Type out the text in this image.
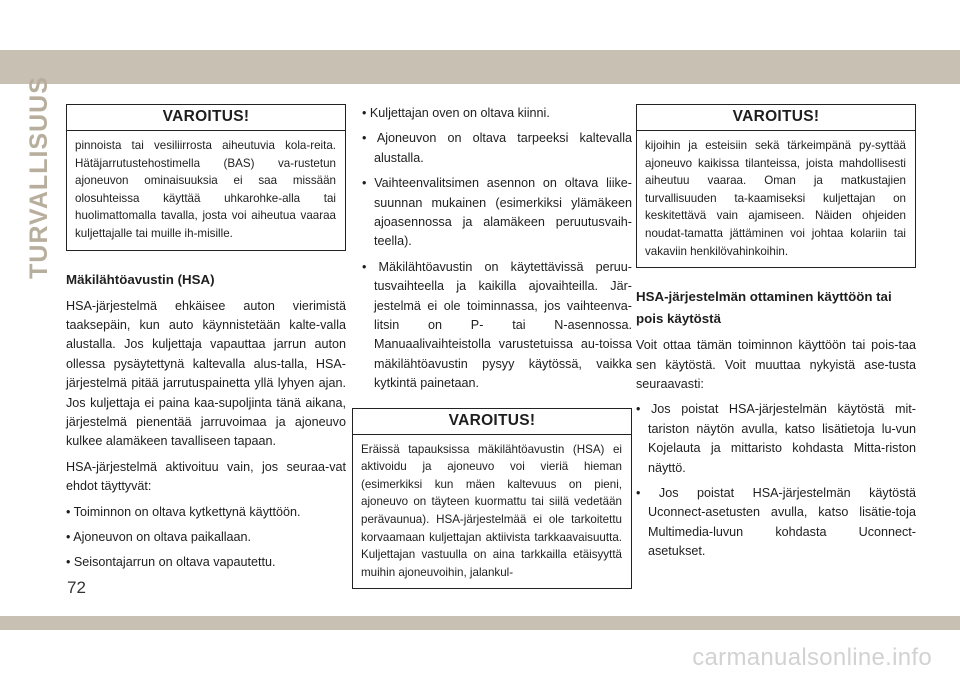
TURVALLISUUS	VAROITUS!
pinnoista tai vesiliirrosta aiheutuvia kola-reita. Hätäjarrutustehostimella (BAS) va-rustetun ajoneuvon ominaisuuksia ei saa missään olosuhteissa käyttää uhkarohke-alla tai huolimattomalla tavalla, josta voi aiheutua vaaraa kuljettajalle tai muille ih-misille.
Mäkilähtöavustin (HSA)

HSA-järjestelmä ehkäisee auton vierimistä taaksepäin, kun auto käynnistetään kalte-valla alustalla. Jos kuljettaja vapauttaa jarrun auton ollessa pysäytettynä kaltevalla alus-talla, HSA-järjestelmä pitää jarrutuspainetta yllä lyhyen ajan. Jos kuljettaja ei paina kaa-supoljinta tänä aikana, järjestelmä pienentää jarruvoimaa ja ajoneuvo kulkee alamäkeen tavalliseen tapaan.

HSA-järjestelmä aktivoituu vain, jos seuraa-vat ehdot täyttyvät:

• Toiminnon on oltava kytkettynä käyttöön.
• Ajoneuvon on oltava paikallaan.
• Seisontajarrun on oltava vapautettu.
• Kuljettajan oven on oltava kiinni.
• Ajoneuvon on oltava tarpeeksi kaltevalla alustalla.
• Vaihteenvalitsimen asennon on oltava liike-suunnan mukainen (esimerkiksi ylämäkeen ajoasennossa ja alamäkeen peruutusvaih-teella).
• Mäkilähtöavustin on käytettävissä peruu-tusvaihteella ja kaikilla ajovaihteilla. Jär-jestelmä ei ole toiminnassa, jos vaihteenva-litsin on P- tai N-asennossa. Manuaalivaihteistolla varustetuissa au-toissa mäkilähtöavustin pysyy käytössä, vaikka kytkintä painetaan.
VAROITUS!
Eräissä tapauksissa mäkilähtöavustin (HSA) ei aktivoidu ja ajoneuvo voi vieriä hieman (esimerkiksi kun mäen kaltevuus on pieni, ajoneuvo on täyteen kuormattu tai siilä vedetään perävaunua). HSA-järjestelmää ei ole tarkoitettu korvaamaan kuljettajan aktiivista tarkkaavaisuutta. Kuljettajan vastuulla on aina tarkkailla etäisyyttä muihin ajoneuvoihin, jalankul-
VAROITUS!
kijoihin ja esteisiin sekä tärkeimpänä py-syttää ajoneuvo kaikissa tilanteissa, joista mahdollisesti aiheutuu vaaraa. Oman ja matkustajien turvallisuuden ta-kaamiseksi kuljettajan on keskitettävä vain ajamiseen. Näiden ohjeiden noudat-tamatta jättäminen voi johtaa kolariin tai vakaviin henkilövahinkoihin.
HSA-järjestelmän ottaminen käyttöön tai pois käytöstä

Voit ottaa tämän toiminnon käyttöön tai pois-taa sen käytöstä. Voit muuttaa nykyistä ase-tusta seuraavasti:

• Jos poistat HSA-järjestelmän käytöstä mit-tariston näytön avulla, katso lisätietoja lu-vun Kojelauta ja mittaristo kohdasta Mitta-riston näyttö.
• Jos poistat HSA-järjestelmän käytöstä Uconnect-asetusten avulla, katso lisätie-toja Multimedia-luvun kohdasta Uconnect-asetukset.
72
carmanualsonline.info
